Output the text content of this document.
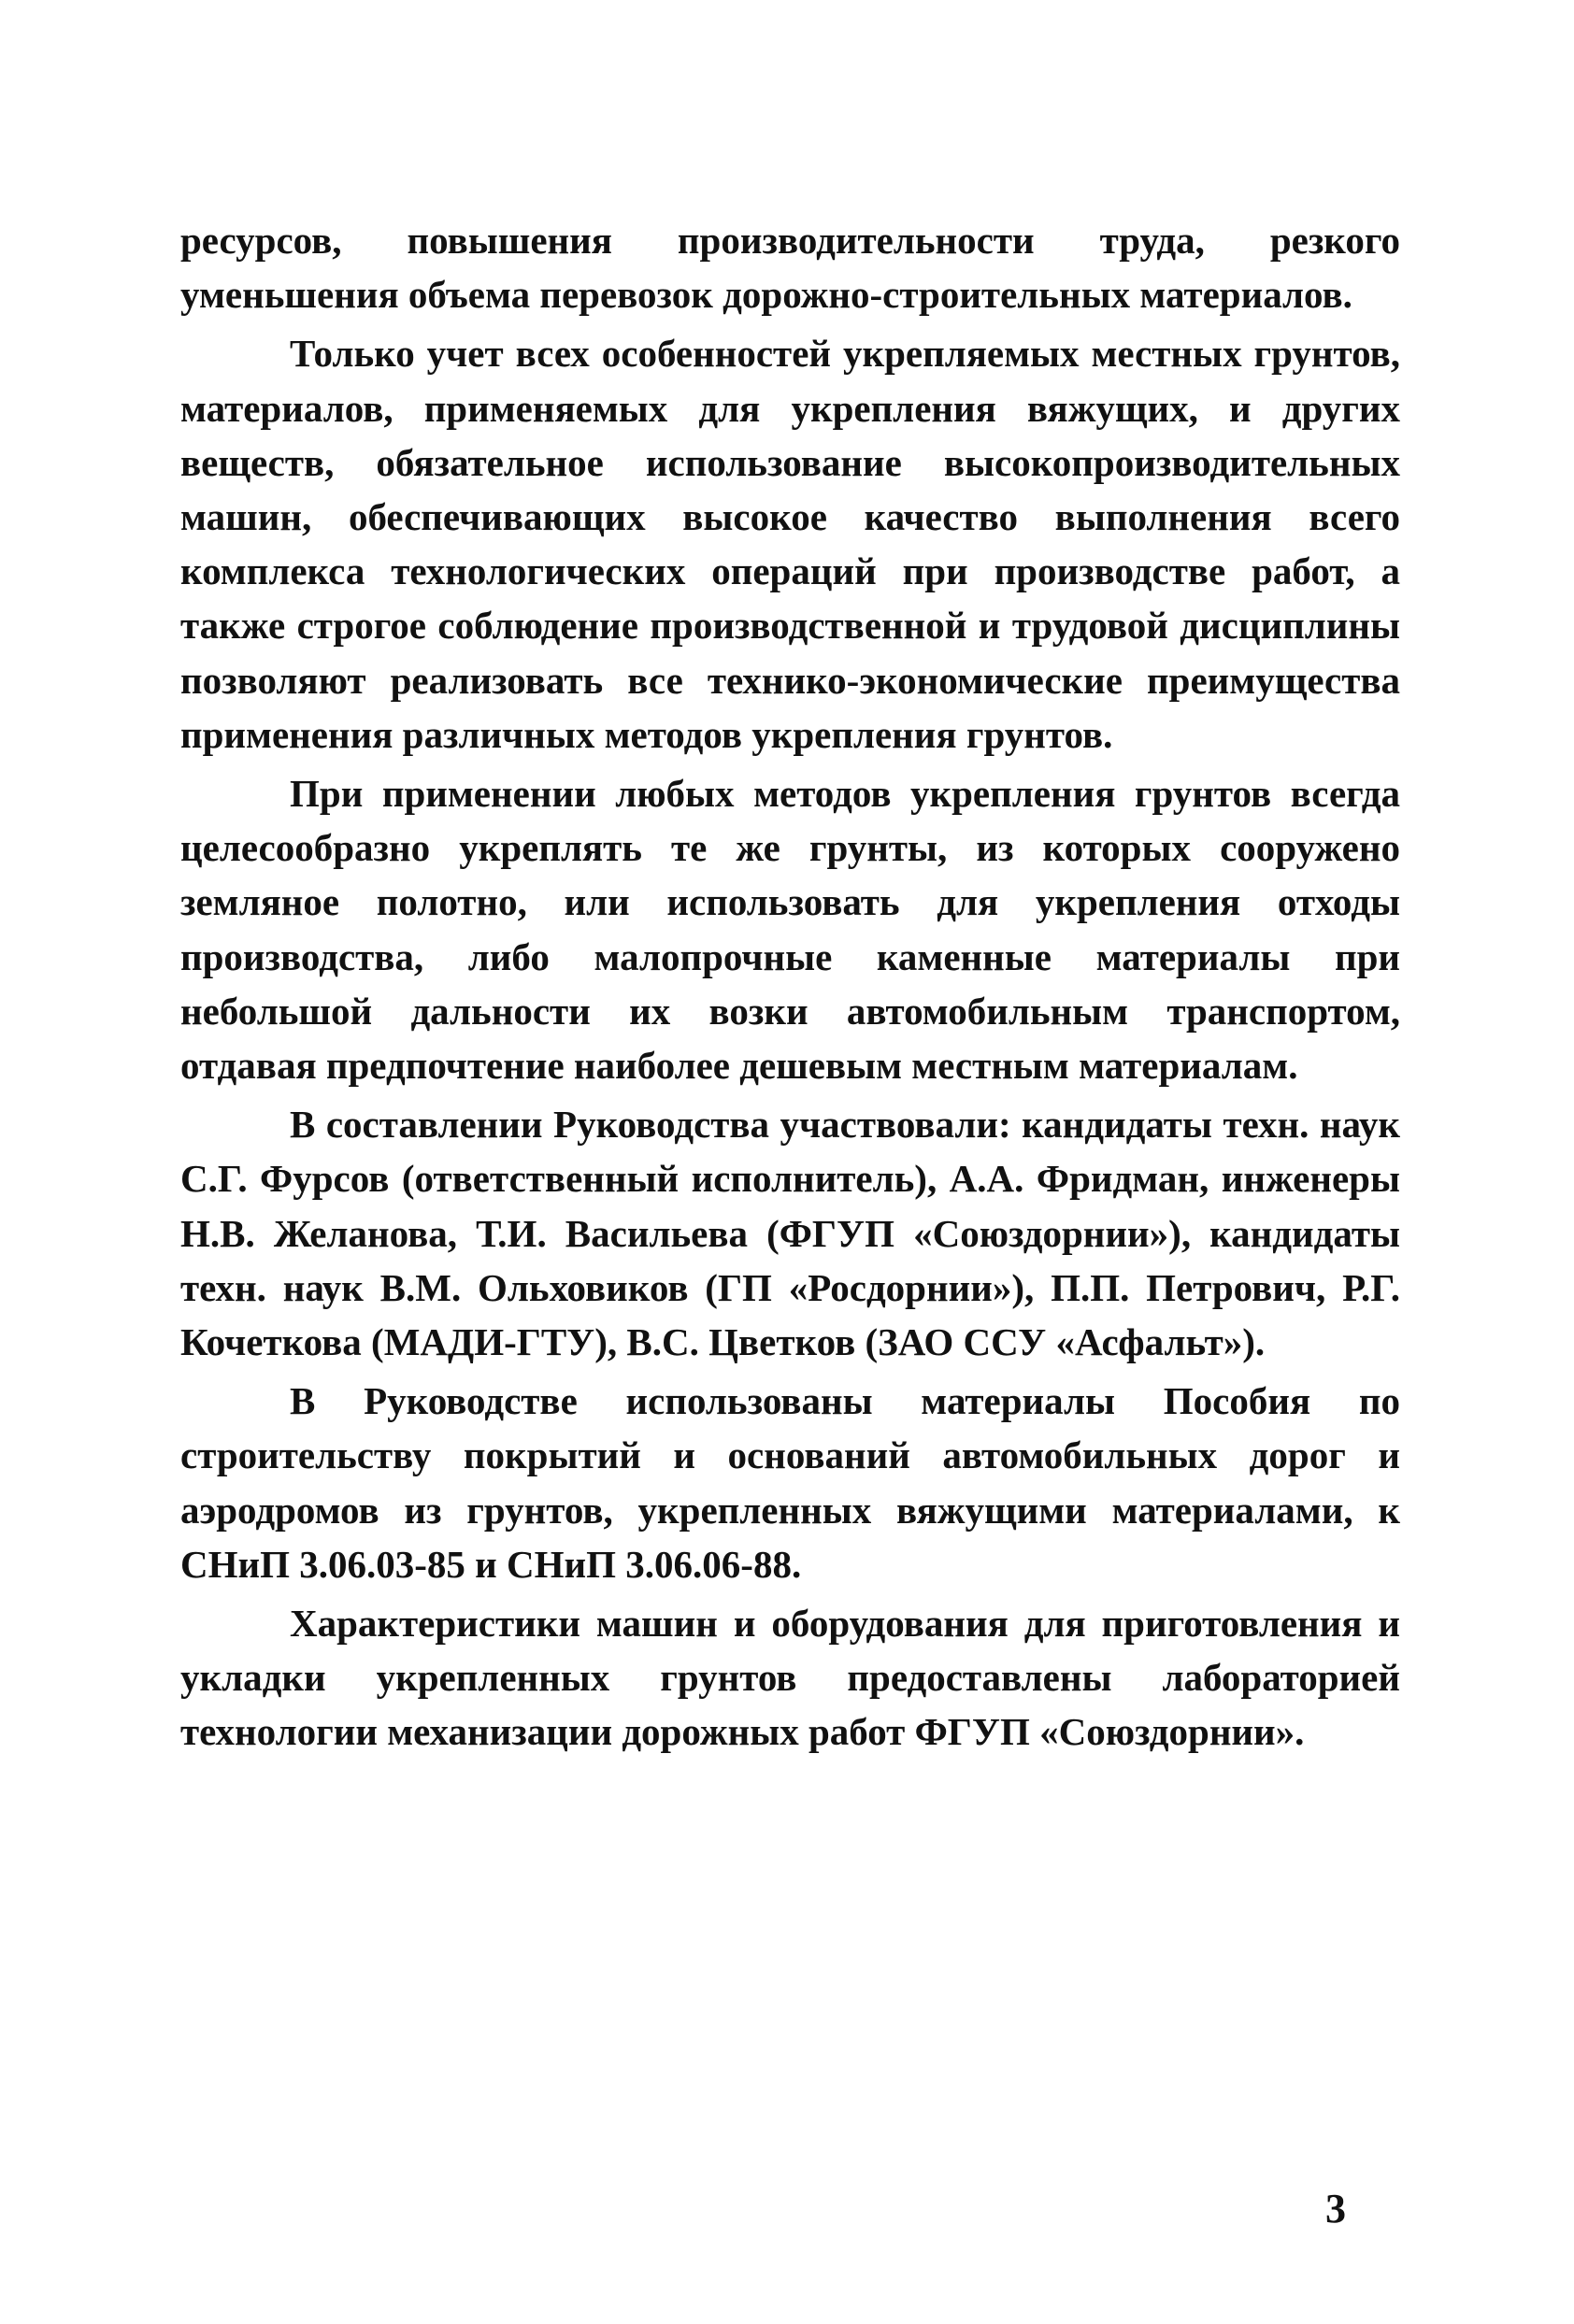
ресурсов, повышения производительности труда, резкого уменьшения объема перевозок дорожно-строительных материалов.

Только учет всех особенностей укрепляемых местных грунтов, материалов, применяемых для укрепления вяжущих, и других веществ, обязательное использование высокопроизводительных машин, обеспечивающих высокое качество выполнения всего комплекса технологических операций при производстве работ, а также строгое соблюдение производственной и трудовой дисциплины позволяют реализовать все технико-экономические преимущества применения различных методов укрепления грунтов.

При применении любых методов укрепления грунтов всегда целесообразно укреплять те же грунты, из которых сооружено земляное полотно, или использовать для укрепления отходы производства, либо малопрочные каменные материалы при небольшой дальности их возки автомобильным транспортом, отдавая предпочтение наиболее дешевым местным материалам.

В составлении Руководства участвовали: кандидаты техн. наук С.Г. Фурсов (ответственный исполнитель), А.А. Фридман, инженеры Н.В. Желанова, Т.И. Васильева (ФГУП «Союздорнии»), кандидаты техн. наук В.М. Ольховиков (ГП «Росдорнии»), П.П. Петрович, Р.Г. Кочеткова (МАДИ-ГТУ), В.С. Цветков (ЗАО ССУ «Асфальт»).

В Руководстве использованы материалы Пособия по строительству покрытий и оснований автомобильных дорог и аэродромов из грунтов, укрепленных вяжущими материалами, к СНиП 3.06.03-85 и СНиП 3.06.06-88.

Характеристики машин и оборудования для приготовления и укладки укрепленных грунтов предоставлены лабораторией технологии механизации дорожных работ ФГУП «Союздорнии».

3
